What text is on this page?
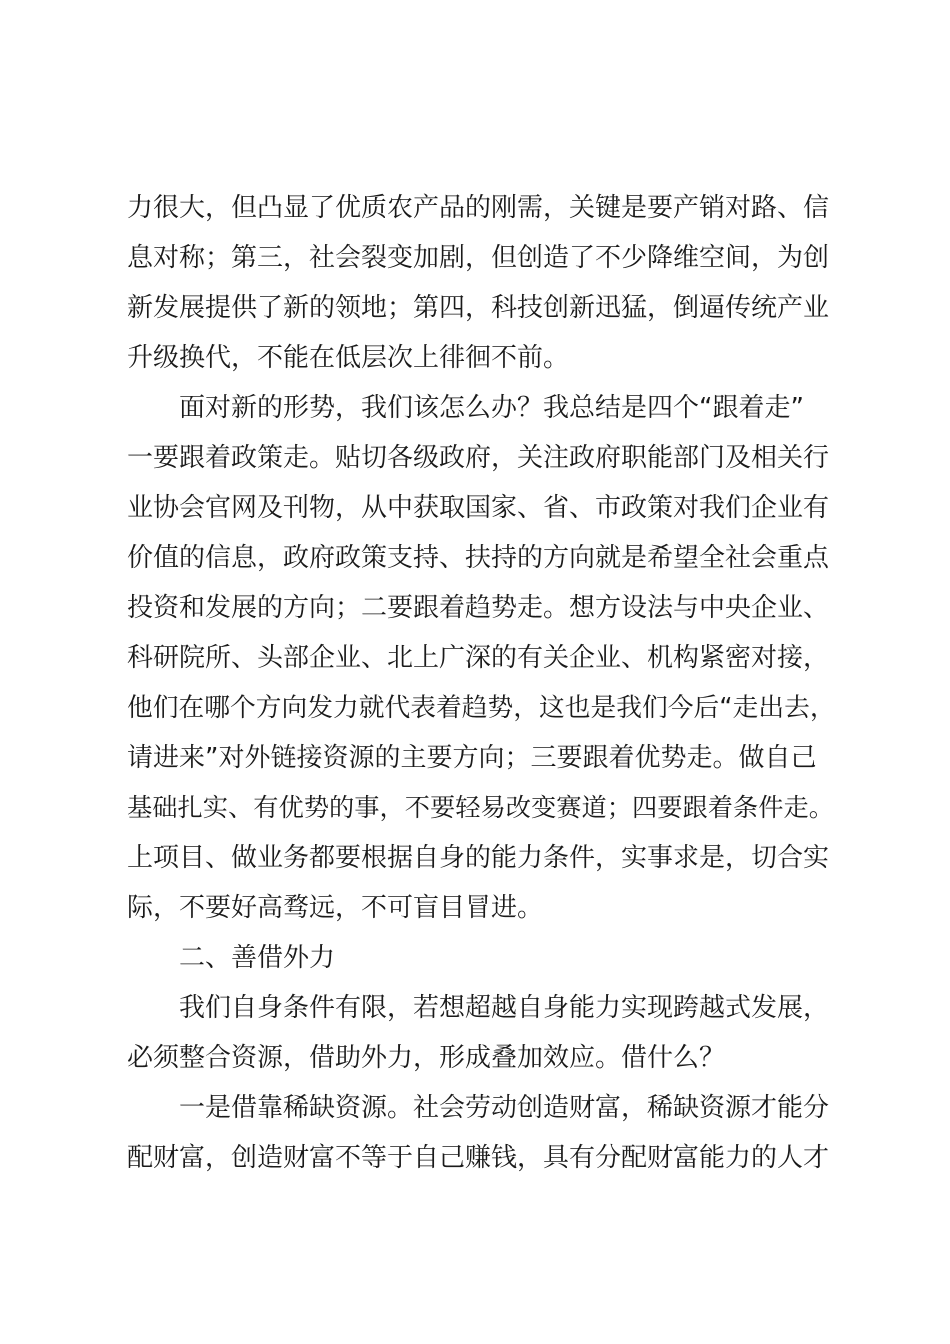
力很大，但凸显了优质农产品的刚需，关键是要产销对路、信
息对称；第三，社会裂变加剧，但创造了不少降维空间，为创
新发展提供了新的领地；第四，科技创新迅猛，倒逼传统产业
升级换代，不能在低层次上徘徊不前。
面对新的形势，我们该怎么办？我总结是四个“跟着走”
一要跟着政策走。贴切各级政府，关注政府职能部门及相关行
业协会官网及刊物，从中获取国家、省、市政策对我们企业有
价值的信息，政府政策支持、扶持的方向就是希望全社会重点
投资和发展的方向；二要跟着趋势走。想方设法与中央企业、
科研院所、头部企业、北上广深的有关企业、机构紧密对接，
他们在哪个方向发力就代表着趋势，这也是我们今后“走出去，
请进来”对外链接资源的主要方向；三要跟着优势走。做自己
基础扎实、有优势的事，不要轻易改变赛道；四要跟着条件走。
上项目、做业务都要根据自身的能力条件，实事求是，切合实
际，不要好高骛远，不可盲目冒进。
二、善借外力
我们自身条件有限，若想超越自身能力实现跨越式发展，
必须整合资源，借助外力，形成叠加效应。借什么？
一是借靠稀缺资源。社会劳动创造财富，稀缺资源才能分
配财富，创造财富不等于自己赚钱，具有分配财富能力的人才
